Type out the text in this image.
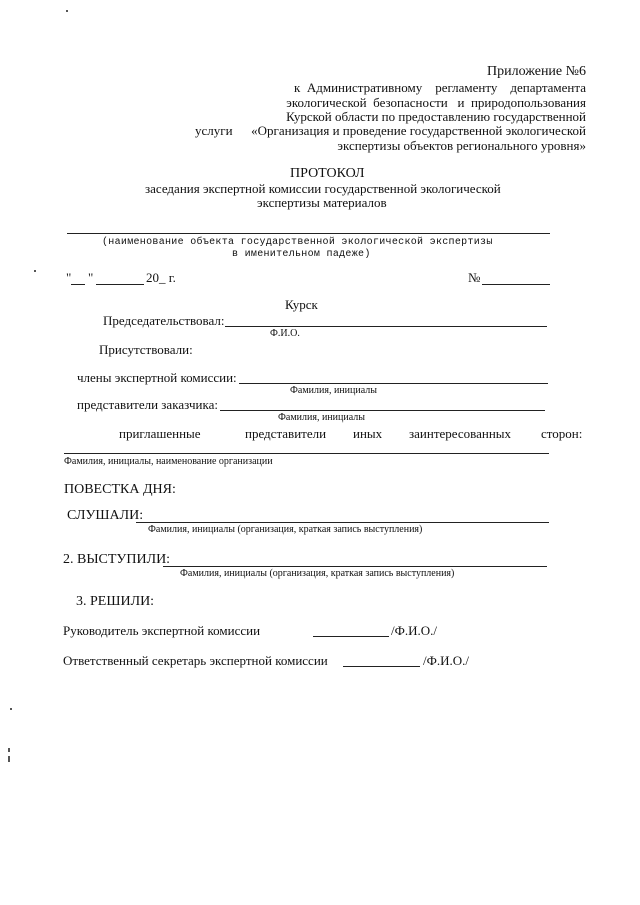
Приложение №6
к  Административному    регламенту    департамента
экологической  безопасности   и  природопользования
Курской области по предоставлению государственной
услуги «Организация и проведение государственной экологической
экспертизы объектов регионального уровня»
ПРОТОКОЛ
заседания экспертной комиссии государственной экологической
экспертизы материалов
(наименование объекта государственной экологической экспертизы
в именительном падеже)
" "	20_ г.	№
Курск
Председательствовал:
Ф.И.О.
Присутствовали:
члены экспертной комиссии:
Фамилия, инициалы
представители заказчика:
Фамилия, инициалы
приглашенные	представители иных заинтересованных сторон:
Фамилия, инициалы, наименование организации
ПОВЕСТКА ДНЯ:
СЛУШАЛИ:
Фамилия, инициалы (организация, краткая запись выступления)
2. ВЫСТУПИЛИ:
Фамилия, инициалы (организация, краткая запись выступления)
3. РЕШИЛИ:
Руководитель экспертной комиссии	/Ф.И.О./
Ответственный секретарь экспертной комиссии	/Ф.И.О./
